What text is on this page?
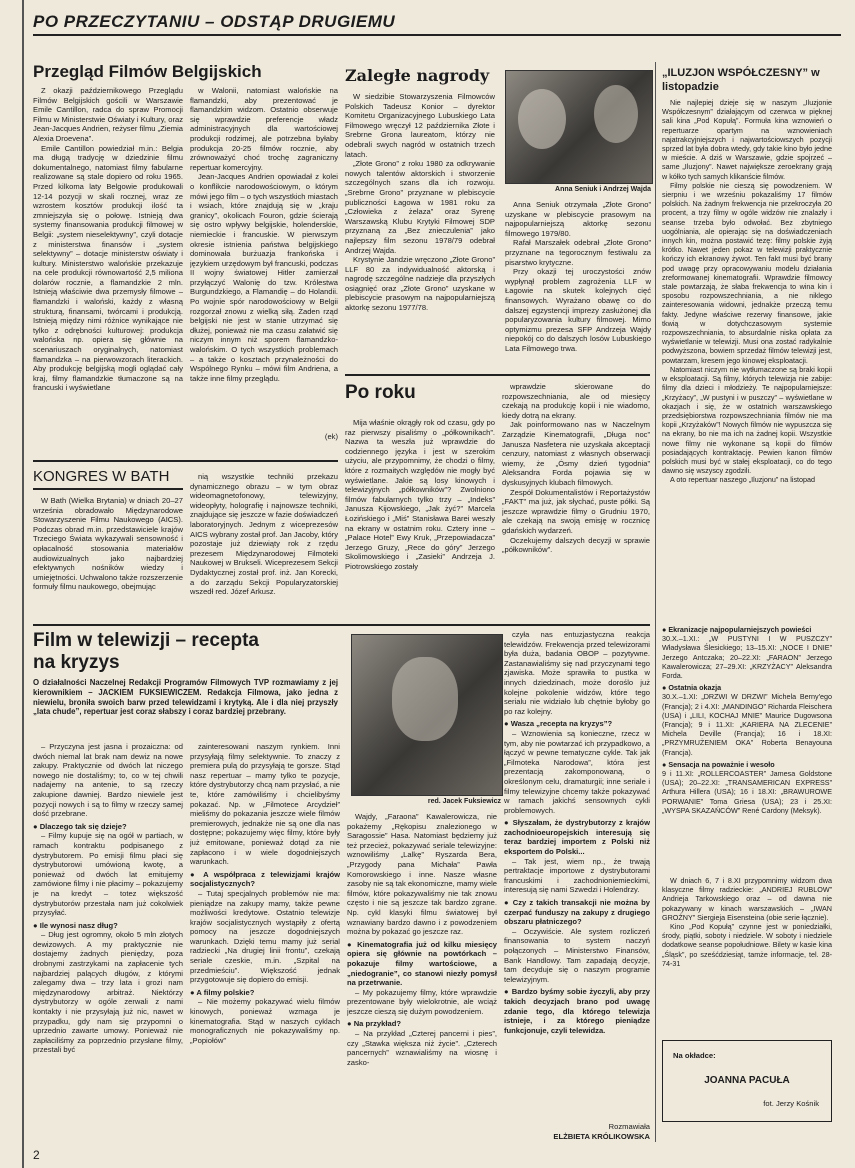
PO PRZECZYTANIU – ODSTĄP DRUGIEMU
Przegląd Filmów Belgijskich

Z okazji październikowego Przeglądu Filmów Belgijskich gościli w Warszawie Emile Cantillon, radca do spraw Promocji Filmu w Ministerstwie Oświaty i Kultury, oraz Jean-Jacques Andrien, reżyser filmu „Ziemia Alexia Droevena”.

Emile Cantillon powiedział m.in.: Belgia ma długą tradycję w dziedzinie filmu dokumentalnego, natomiast filmy fabularne realizowane są stale dopiero od roku 1965. Przed kilkoma laty Belgowie produkowali 12-14 pozycji w skali rocznej, wraz ze wzrostem kosztów produkcji ilość ta zmniejszyła się o połowę. Istnieją dwa systemy finansowania produkcji filmowej w Belgii: „system nieselektywny”, czyli dotacje z ministerstwa finansów i „system selektywny” – dotacje ministerstw oświaty i kultury. Ministerstwo walońskie przekazuje na cele produkcji równowartość 2,5 miliona dolarów rocznie, a flamandzkie 2 mln. Istnieją właściwie dwa przemysły filmowe – flamandzki i waloński, każdy z własną strukturą, finansami, twórcami i produkcją. Istnieją między nimi różnice wynikające nie tylko z odrębności kulturowej: produkcja walońska np. opiera się głównie na scenariuszach oryginalnych, natomiast flamandzka – na pierwowzorach literackich. Aby produkcję belgijską mogli oglądać cały kraj, filmy flamandzkie tłumaczone są na francuski i wyświetlane

w Walonii, natomiast walońskie na flamandzki, aby prezentować je flamandzkim widzom. Ostatnio obserwuje się wprawdzie preferencje władz administracyjnych dla wartościowej produkcji rodzimej, ale potrzebna byłaby produkcja 20-25 filmów rocznie, aby zrównoważyć choć trochę zagraniczny repertuar komercyjny.

Jean-Jacques Andrien opowiadał z kolei o konflikcie narodowościowym, o którym mówi jego film – o tych wszystkich miastach i wsiach, które znajdują się w „kraju granicy”, okolicach Fouron, gdzie ścierają się ostro wpływy belgijskie, holenderskie, niemieckie i francuskie. W pierwszym okresie istnienia państwa belgijskiego dominowała burżuazja frankońska i językiem urzędowym był francuski, podczas II wojny światowej Hitler zamierzał przyłączyć Walonię do tzw. Królestwa Burgundzkiego, a Flamandię – do Holandii. Po wojnie spór narodowościowy w Belgii rozgorzał znowu z wielką siłą. Żaden rząd belgijski nie jest w stanie utrzymać się dłużej, ponieważ nie ma czasu załatwić się niczym innym niż sporem flamandzko-walońskim. O tych wszystkich problemach – a także o kosztach przynależności do Wspólnego Rynku – mówi film Andriena, a także inne filmy przeglądu.

(ek)
KONGRES W BATH

W Bath (Wielka Brytania) w dniach 20–27 września obradowało Międzynarodowe Stowarzyszenie Filmu Naukowego (AICS). Podczas obrad m.in. przedstawiciele krajów Trzeciego Świata wykazywali sensowność i opłacalność stosowania materiałów audiowizualnych jako najbardziej efektywnych nośników wiedzy i umiejętności. Uchwalono także rozszerzenie formuły filmu naukowego, obejmując

nią wszystkie techniki przekazu dynamicznego obrazu – w tym obraz wideomagnetofonowy, telewizyjny, wideopłyty, holografię i najnowsze techniki, znajdujące się jeszcze w fazie doświadczeń laboratoryjnych. Jednym z wiceprezesów AICS wybrany został prof. Jan Jacoby, który pozostaje już dziewiąty rok z rzędu prezesem Międzynarodowej Filmoteki Naukowej w Brukseli. Wiceprezesem Sekcji Dydaktycznej został prof. inż. Jan Korecki, a do zarządu Sekcji Popularyzatorskiej wszedł red. Józef Arkusz.

Zaległe nagrody

W siedzibie Stowarzyszenia Filmowców Polskich Tadeusz Konior – dyrektor Komitetu Organizacyjnego Lubuskiego Lata Filmowego wręczył 12 października Złote i Srebrne Grona laureatom, którzy nie odebrali swych nagród w ostatnich trzech latach.

„Złote Grono” z roku 1980 za odkrywanie nowych talentów aktorskich i stworzenie szczególnych szans dla ich rozwoju. „Srebrne Grono” przyznane w plebiscycie publiczności Łagowa w 1981 roku za „Człowieka z żelaza” oraz Syrenę Warszawską Klubu Krytyki Filmowej SDP przyznaną za „Bez znieczulenia” jako najlepszy film sezonu 1978/79 odebrał Andrzej Wajda.

Krystynie Jandzie wręczono „Złote Grono” LLF 80 za indywidualność aktorską i nagrodę szczególne nadzieje dla przyszłych osiągnięć oraz „Złote Grono” uzyskane w plebiscycie prasowym na najpopularniejszą aktorkę sezonu 1977/78.

Anna Seniuk i Andrzej Wajda

Anna Seniuk otrzymała „Złote Grono” uzyskane w plebiscycie prasowym na najpopularniejszą aktorkę sezonu filmowego 1979/80.

Rafał Marszałek odebrał „Złote Grono” przyznane na tegorocznym festiwalu za pisarstwo krytyczne.

Przy okazji tej uroczystości znów wypłynął problem zagrożenia LLF w Łagowie na skutek kolejnych cięć finansowych. Wyrażano obawę co do dalszej egzystencji imprezy zasłużonej dla popularyzowania kultury filmowej. Mimo optymizmu prezesa SFP Andrzeja Wajdy niepokój co do dalszych losów Lubuskiego Lata Filmowego trwa.

Po roku

Mija właśnie okrągły rok od czasu, gdy po raz pierwszy pisaliśmy o „półkownikach”. Nazwa ta weszła już wprawdzie do codziennego języka i jest w szerokim użyciu, ale przypomnimy, że chodzi o filmy, które z rozmaitych względów nie mogły być wyświetlane. Jakie są losy kinowych i telewizyjnych „półkowników”? Zwolniono filmów fabularnych tylko trzy – „Indeks” Janusza Kijowskiego, „Jak żyć?” Marcela Łozińskiego i „Miś” Stanisława Barei weszły na ekrany w ostatnim roku. Cztery inne – „Palace Hotel” Ewy Kruk, „Przepowiadacza” Jerzego Gruzy, „Rece do góry” Jerzego Skolimowskiego i „Zasieki” Andrzeja J. Piotrowskiego zostały

wprawdzie skierowane do rozpowszechniania, ale od miesięcy czekają na produkcję kopii i nie wiadomo, kiedy dotrą na ekrany.

Jak poinformowano nas w Naczelnym Zarządzie Kinematografii, „Długa noc” Janusza Nasfetera nie uzyskała akceptacji cenzury, natomiast z własnych obserwacji wiemy, że „Ósmy dzień tygodnia” Aleksandra Forda pojawia się w dyskusyjnych klubach filmowych.

Zespół Dokumentalistów i Reportażystów „FAKT” ma już, jak słychać, puste półki. Są jeszcze wprawdzie filmy o Grudniu 1970, ale czekają na swoją emisję w rocznicę gdańskich wydarzeń.

Oczekujemy dalszych decyzji w sprawie „półkowników”.

„ILUZJON WSPÓŁCZESNY” w listopadzie

Nie najlepiej dzieje się w naszym „Iluzjonie Współczesnym” działającym od czerwca w pięknej sali kina „Pod Kopułą”. Formuła kina wznowień o repertuarze opartym na wznowieniach najatrakcyjniejszych i najwartościowszych pozycji sprzed lat była dobra wtedy, gdy takie kino było jedne w mieście. A dziś w Warszawie, gdzie spojrzeć – same „Iluzjony”. Nawet największe zeroekrany grają w kółko tych samych klikanście filmów.

Filmy polskie nie cieszą się powodzeniem. W sierpniu i we wrześniu pokazaliśmy 17 filmów polskich. Na żadnym frekwencja nie przekroczyła 20 procent, a trzy filmy w ogóle widzów nie znalazły i seanse trzeba było odwołać. Bez zbytniego uogólniania, ale opierając się na doświadczeniach innych kin, można postawić tezę: filmy polskie żyją krótko. Nawet jeden pokaz w telewizji praktycznie kończy ich ekranowy żywot. Ten fakt musi być brany pod uwagę przy opracowywaniu modelu działania zreformowanej kinematografii. Wprawdzie filmowcy stale powtarzają, że słaba frekwencja to wina kin i sposobu rozpowszechniania, a nie niklego zainteresowania widowni, jednakże przeczą temu fakty. Jedyne właściwe rezerwy finansowe, jakie tkwią w dotychczasowym systemie rozpowszechniania, to absurdalnie niska opłata za wyświetlanie w telewizji. Musi ona zostać radykalnie podwyższona, bowiem sprzedaż filmów telewizji jest, powtarzam, kresem jego kinowej eksploatacji.

Natomiast niczym nie wytłumaczone są braki kopii w eksploatacji. Są filmy, których telewizja nie zabije: filmy dla dzieci i młodzieży. Te najpopularniejsze: „Krzyżacy”, „W pustyni i w puszczy” – wyświetlane w okazjach i się, że w ostatnich warszawskiego przedsiębiorstwa rozpowszechniania filmów nie ma kopii „Krzyżaków”! Nowych filmów nie wypuszcza się na ekrany, bo nie ma ich na żadnej kopii. Wszystkie nowe filmy nie wykonane są kopii do filmów posiadających kontraktację. Pewien kanon filmów polskich musi być w stałej eksploatacji, co do tego dawno się wszyscy zgodzili.

A oto repertuar naszego „Iluzjonu” na listopad

● Ekranizacje najpopularniejszych powieści
30.X.–1.XI.: „W PUSTYNI I W PUSZCZY” Władysława Ślesickiego; 13–15.XI: „NOCE I DNIE” Jerzego Antczaka; 20–22.XI: „FARAON” Jerzego Kawalerowicza; 27–29.XI: „KRZYŻACY” Aleksandra Forda.
● Ostatnia okazja
30.X.–1.XI: „DRZWI W DRZWI” Michela Berny'ego (Francja); 2 i 4.XI: „MANDINGO” Richarda Fleischera (USA) i „LILI, KOCHAJ MNIE” Maurice Dugowsona (Francja); 9 i 11.XI: „KARIERA NA ZLECENIE” Michela Deville (Francja); 16 i 18.XI: „PRZYMRUŻENIEM OKA” Roberta Benayouna (Francja).
● Sensacja na poważnie i wesoło
9 i 11.XI: „ROLLERCOASTER” Jamesa Goldstone (USA); 20–22.XI: „TRANSAMERICAN EXPRESS” Arthura Hillera (USA); 16 i 18.XI: „BRAWUROWE PORWANIE” Toma Griesa (USA); 23 i 25.XI: „WYSPA SKAZAŃCÓW” René Cardony (Meksyk).

W dniach 6, 7 i 8.XI przypomnimy widzom dwa klasyczne filmy radzieckie: „ANDRIEJ RUBLOW” Andrieja Tarkowskiego oraz – od dawna nie pokazywany w kinach warszawskich – „IWAN GROŹNY” Siergieja Eisensteina (obie serie łącznie).

Kino „Pod Kopułą” czynne jest w poniedziałki, środy, piątki, soboty i niedziele. W soboty i niedziele dodatkowe seanse popołudniowe. Bilety w kasie kina „Śląsk”, po sześćdziesiąt, tamże informacje, tel. 28-74-31

Na okładce:
JOANNA PACUŁA
fot. Jerzy Kośnik
Film w telewizji – recepta na kryzys
O działalności Naczelnej Redakcji Programów Filmowych TVP rozmawiamy z jej kierownikiem – JACKIEM FUKSIEWICZEM. Redakcja Filmowa, jako jedna z niewielu, broniła swoich barw przed telewidzami i krytyką. Ale i dla niej przyszły „lata chude”, repertuar jest coraz słabszy i coraz bardziej przebrany.
red. Jacek Fuksiewicz

– Przyczyna jest jasna i prozaiczna: od dwóch niemal lat brak nam dewiz na nowe zakupy. Praktycznie od dwóch lat niczego nowego nie dostaliśmy; to, co w tej chwili nadajemy na antenie, to są rzeczy zakupione dawniej. Bardzo niewiele jest pozycji nowych i są to filmy w rzeczy samej dość przebrane.

● Dlaczego tak się dzieje?

– Filmy kupuje się na ogół w partiach, w ramach kontraktu podpisanego z dystrybutorem. Po emisji filmu płaci się dystrybutorowi umówioną kwotę, a ponieważ od dwóch lat emitujemy zamówione filmy i nie płacimy – pokazujemy je na kredyt – totez większość dystrybutorów przestała nam już cokolwiek przysyłać.

● Ile wynosi nasz dług?

– Dług jest ogromny, około 5 mln złotych dewizowych. A my praktycznie nie dostajemy żadnych pieniędzy, poza drobnymi zastrzykami na zapłacenie tych najbardziej palących długów, z którymi zalegamy dwa – trzy lata i grozi nam międzynarodowy arbitraż. Niektórzy dystrybutorzy w ogóle zerwali z nami kontakty i nie przysyłają już nic, nawet w przypadku, gdy nam się przypomni o uprzednio zawarte umowy. Ponieważ nie zapłaciliśmy za poprzednio przysłane filmy, przestali być

zainteresowani naszym rynkiem. Inni przysyłają filmy selektywnie. To znaczy z premiera pulą do przysyłają te gorsze. Stąd nasz repertuar – mamy tylko te pozycje, które dystrybutorzy chcą nam przysłać, a nie te, które zamówiliśmy i chcielibyśmy pokazać. Np. w „Filmotece Arcydzieł” mieliśmy do pokazania jeszcze wiele filmów premierowych, jednakże nie są one dla nas dostępne; pokazujemy więc filmy, które były już emitowane, ponieważ dotąd za nie zapłacono i w wiele dogodniejszych warunkach.

● A współpraca z telewizjami krajów socjalistycznych?

– Tutaj specjalnych problemów nie ma: pieniądze na zakupy mamy, także pewne możliwości kredytowe. Ostatnio telewizje krajów socjalistycznych wystąpiły z ofertą pomocy na jeszcze dogodniejszych warunkach. Dzięki temu mamy już serial radziecki „Na drugiej linii frontu”, czekają seriale czeskie, m.in. „Szpital na przedmieściu”. Większość jednak przygotowuje się dopiero do emisji.

● A filmy polskie?

– Nie możemy pokazywać wielu filmów kinowych, ponieważ wzmaga je kinematografia. Stąd w naszych cyklach monograficznych nie pokazywaliśmy np. „Popiołów”

Wajdy, „Faraona” Kawalerowicza, nie pokażemy „Rękopisu znalezionego w Saragossie” Hasa. Natomiast będziemy już też przecież, pokazywać seriale telewizyjne: wznowiliśmy „Lalkę” Ryszarda Bera, „Przygody pana Michała” Pawła Komorowskiego i inne. Nasze własne zasoby nie są tak ekonomiczne, mamy wiele filmów, które pokazywaliśmy nie tak znowu często i nie są jeszcze tak bardzo zgrane. Np. cykl klasyki filmu światowej był wznawiany bardzo dawno i z powodzeniem można by pokazać go jeszcze raz.

● Kinematografia już od kilku miesięcy opiera się głównie na powtórkach – pokazuje filmy wartościowe, a „niedogranie”, co stanowi niezły pomysł na przetrwanie.

– My pokazujemy filmy, które wprawdzie prezentowane były wielokrotnie, ale wciąż jeszcze cieszą się dużym powodzeniem.

● Na przykład?

– Na przykład „Czterej pancerni i pies”, czy „Stawka większa niż życie”. „Czterech pancernych” wznawialiśmy na wiosnę i zasko-

czyła nas entuzjastyczna reakcja telewidzów. Frekwencja przed telewizorami była duża, badania OBOP – pozytywne. Zastanawialiśmy się nad przyczynami tego zjawiska. Może sprawiła to pustka w innych dziedzinach, może doroślo już kolejne pokolenie widzów, które tego serialu nie widziało lub chętnie byłoby go po raz kolejny.

● Wasza „recepta na kryzys”?

– Wznowienia są konieczne, rzecz w tym, aby nie powtarzać ich przypadkowo, a łączyć w pewne tematyczne cykle. Tak jak „Filmoteka Narodowa”, która jest prezentacją zakomponowaną, o określonym celu, dramaturgii; inne seriale i filmy telewizyjne chcemy także pokazywać w ramach jakichś sensownych cykli problemowych.

● Słyszałam, że dystrybutorzy z krajów zachodnioeuropejskich interesują się teraz bardziej importem z Polski niż eksportem do Polski...

– Tak jest, wiem np., że trwają pertraktacje importowe z dystrybutorami francuskimi i zachodnioniemieckimi, interesują się nami Szwedzi i Holendrzy.

● Czy z takich transakcji nie można by czerpać funduszy na zakupy z drugiego obszaru płatniczego?

– Oczywiście. Ale system rozliczeń finansowania to system naczyń połączonych – Ministerstwo Finansów, Bank Handlowy. Tam zapadają decyzje, tam decyduje się o naszym programie telewizyjnym.

● Bardzo byśmy sobie życzyli, aby przy takich decyzjach brano pod uwagę zdanie tego, dla którego telewizja istnieje, i za którego pieniądze funkcjonuje, czyli telewidza.
Rozmawiała
ELŻBIETA KRÓLIKOWSKA
2
